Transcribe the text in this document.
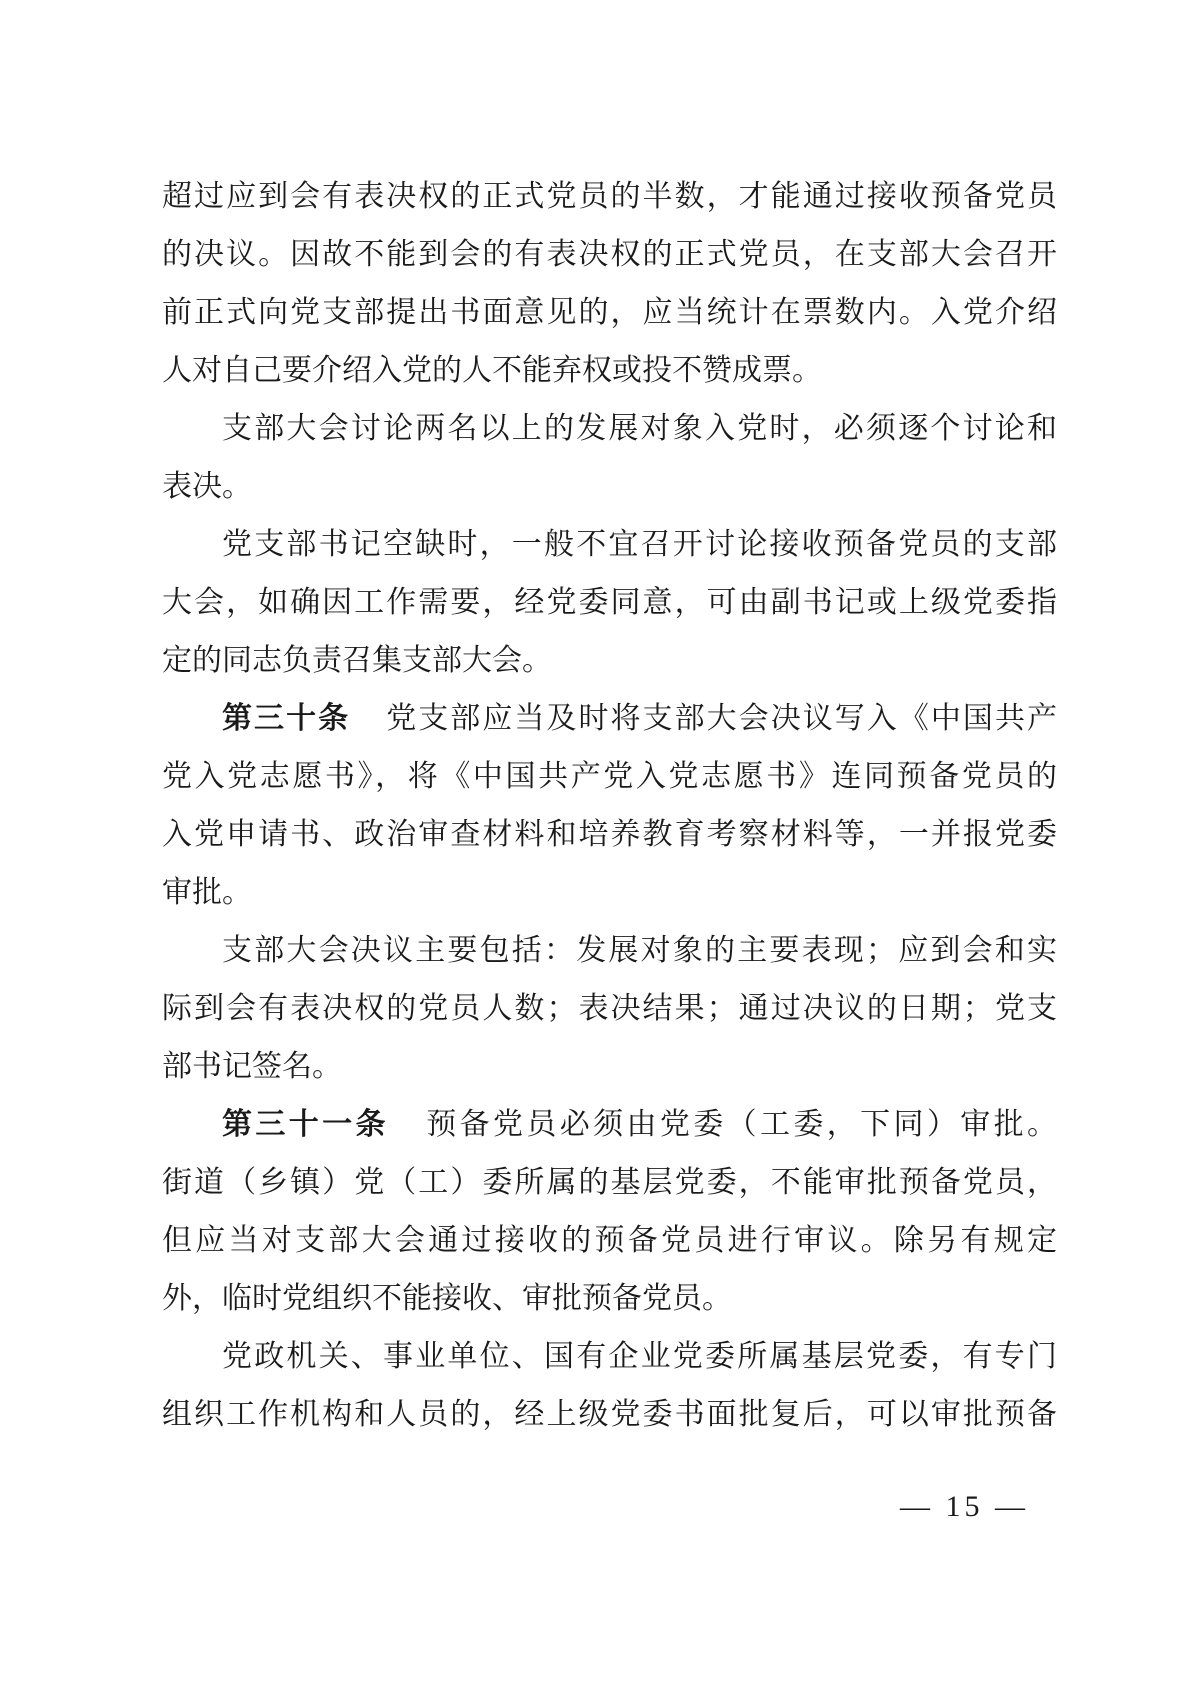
超过应到会有表决权的正式党员的半数，才能通过接收预备党员
的决议。因故不能到会的有表决权的正式党员，在支部大会召开
前正式向党支部提出书面意见的，应当统计在票数内。入党介绍
人对自己要介绍入党的人不能弃权或投不赞成票。
支部大会讨论两名以上的发展对象入党时，必须逐个讨论和
表决。
党支部书记空缺时，一般不宜召开讨论接收预备党员的支部
大会，如确因工作需要，经党委同意，可由副书记或上级党委指
定的同志负责召集支部大会。
第三十条 党支部应当及时将支部大会决议写入《中国共产
党入党志愿书》，将《中国共产党入党志愿书》连同预备党员的
入党申请书、政治审查材料和培养教育考察材料等，一并报党委
审批。
支部大会决议主要包括：发展对象的主要表现；应到会和实
际到会有表决权的党员人数；表决结果；通过决议的日期；党支
部书记签名。
第三十一条 预备党员必须由党委（工委，下同）审批。
街道（乡镇）党（工）委所属的基层党委，不能审批预备党员，
但应当对支部大会通过接收的预备党员进行审议。除另有规定
外，临时党组织不能接收、审批预备党员。
党政机关、事业单位、国有企业党委所属基层党委，有专门
组织工作机构和人员的，经上级党委书面批复后，可以审批预备
— 15 —
